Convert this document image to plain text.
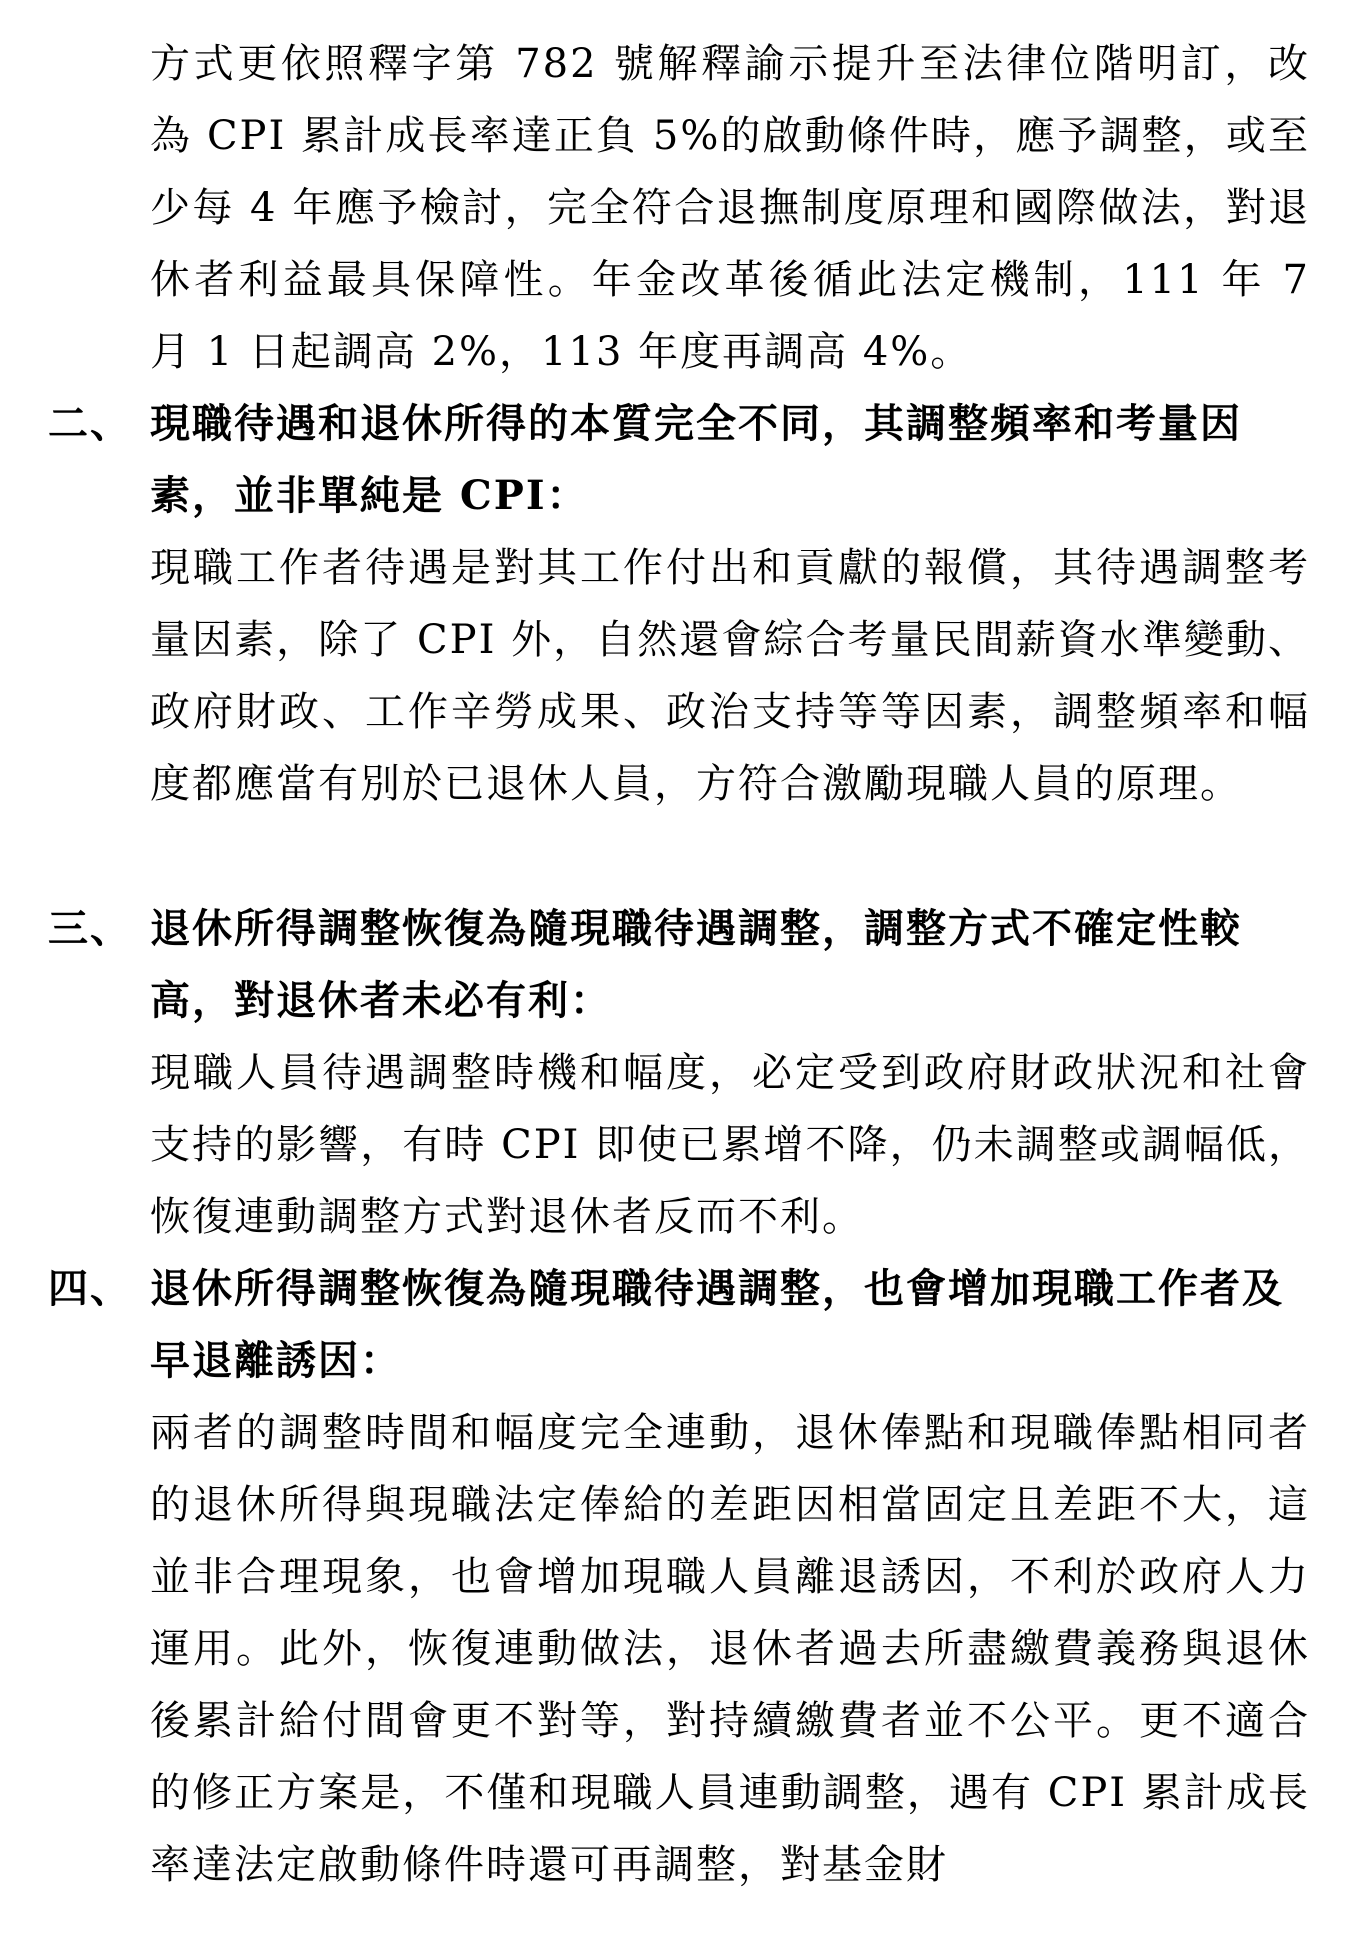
方式更依照釋字第 782 號解釋諭示提升至法律位階明訂，改為 CPI 累計成長率達正負 5%的啟動條件時，應予調整，或至少每 4 年應予檢討，完全符合退撫制度原理和國際做法，對退休者利益最具保障性。年金改革後循此法定機制，111 年 7 月 1 日起調高 2%，113 年度再調高 4%。
二、 現職待遇和退休所得的本質完全不同，其調整頻率和考量因素，並非單純是 CPI：
現職工作者待遇是對其工作付出和貢獻的報償，其待遇調整考量因素，除了 CPI 外，自然還會綜合考量民間薪資水準變動、政府財政、工作辛勞成果、政治支持等等因素，調整頻率和幅度都應當有別於已退休人員，方符合激勵現職人員的原理。
三、 退休所得調整恢復為隨現職待遇調整，調整方式不確定性較高，對退休者未必有利：
現職人員待遇調整時機和幅度，必定受到政府財政狀況和社會支持的影響，有時 CPI 即使已累增不降，仍未調整或調幅低，恢復連動調整方式對退休者反而不利。
四、 退休所得調整恢復為隨現職待遇調整，也會增加現職工作者及早退離誘因：
兩者的調整時間和幅度完全連動，退休俸點和現職俸點相同者的退休所得與現職法定俸給的差距因相當固定且差距不大，這並非合理現象，也會增加現職人員離退誘因，不利於政府人力運用。此外，恢復連動做法，退休者過去所盡繳費義務與退休後累計給付間會更不對等，對持續繳費者並不公平。更不適合的修正方案是，不僅和現職人員連動調整，遇有 CPI 累計成長率達法定啟動條件時還可再調整，對基金財
